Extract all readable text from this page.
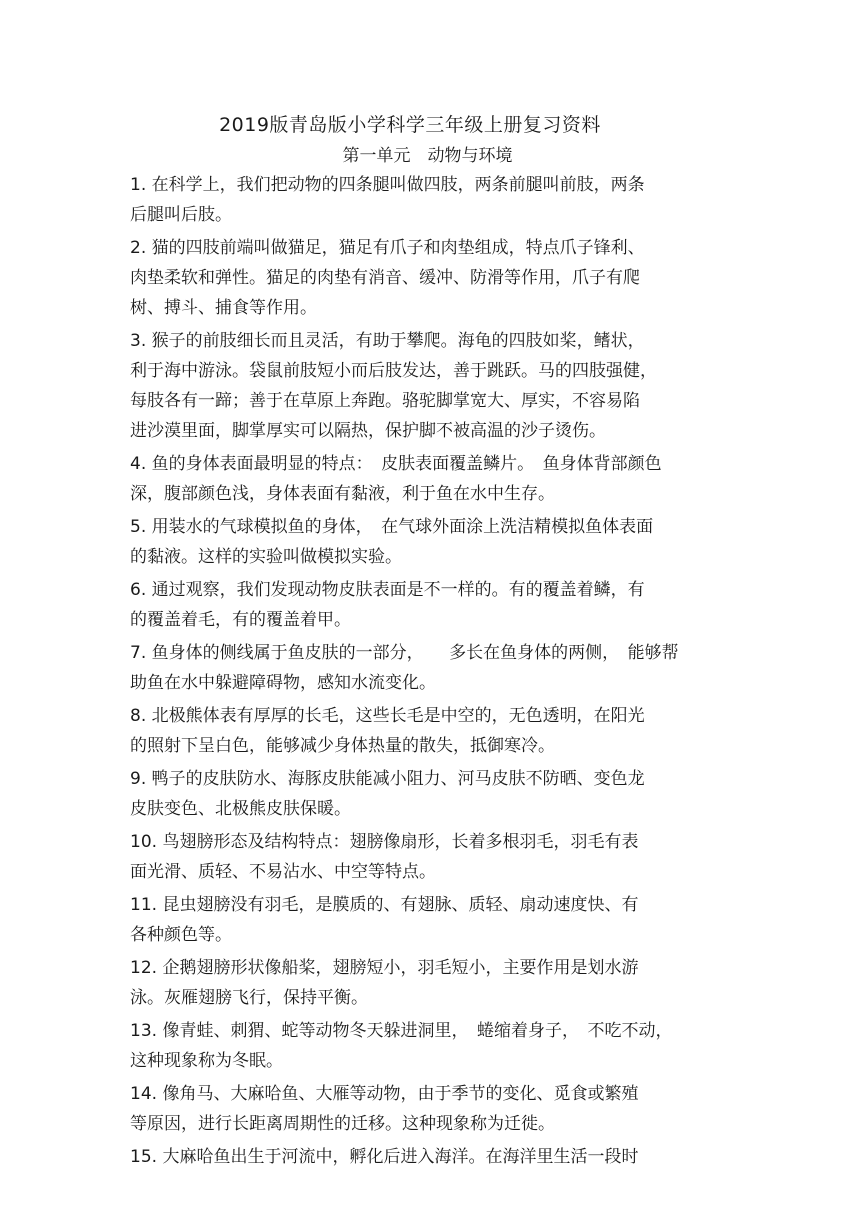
2019版青岛版小学科学三年级上册复习资料
第一单元　动物与环境
1. 在科学上，我们把动物的四条腿叫做四肢，两条前腿叫前肢，两条
后腿叫后肢。
2. 猫的四肢前端叫做猫足，猫足有爪子和肉垫组成，特点爪子锋利、
肉垫柔软和弹性。猫足的肉垫有消音、缓冲、防滑等作用，爪子有爬
树、搏斗、捕食等作用。
3. 猴子的前肢细长而且灵活，有助于攀爬。海龟的四肢如桨，鳍状，
利于海中游泳。袋鼠前肢短小而后肢发达，善于跳跃。马的四肢强健，
每肢各有一蹄；善于在草原上奔跑。骆驼脚掌宽大、厚实，不容易陷
进沙漠里面，脚掌厚实可以隔热，保护脚不被高温的沙子烫伤。
4. 鱼的身体表面最明显的特点：　皮肤表面覆盖鳞片。　鱼身体背部颜色
深，腹部颜色浅，身体表面有黏液，利于鱼在水中生存。
5. 用装水的气球模拟鱼的身体，　在气球外面涂上洗洁精模拟鱼体表面
的黏液。这样的实验叫做模拟实验。
6. 通过观察，我们发现动物皮肤表面是不一样的。有的覆盖着鳞，有
的覆盖着毛，有的覆盖着甲。
7. 鱼身体的侧线属于鱼皮肤的一部分，　　多长在鱼身体的两侧，　能够帮
助鱼在水中躲避障碍物，感知水流变化。
8. 北极熊体表有厚厚的长毛，这些长毛是中空的，无色透明，在阳光
的照射下呈白色，能够减少身体热量的散失，抵御寒冷。
9. 鸭子的皮肤防水、海豚皮肤能减小阻力、河马皮肤不防晒、变色龙
皮肤变色、北极熊皮肤保暖。
10. 鸟翅膀形态及结构特点：翅膀像扇形，长着多根羽毛，羽毛有表
面光滑、质轻、不易沾水、中空等特点。
11. 昆虫翅膀没有羽毛，是膜质的、有翅脉、质轻、扇动速度快、有
各种颜色等。
12. 企鹅翅膀形状像船桨，翅膀短小，羽毛短小，主要作用是划水游
泳。灰雁翅膀飞行，保持平衡。
13. 像青蛙、刺猬、蛇等动物冬天躲进洞里，　蜷缩着身子，　不吃不动，
这种现象称为冬眠。
14. 像角马、大麻哈鱼、大雁等动物，由于季节的变化、觅食或繁殖
等原因，进行长距离周期性的迁移。这种现象称为迁徙。
15. 大麻哈鱼出生于河流中，孵化后进入海洋。在海洋里生活一段时
